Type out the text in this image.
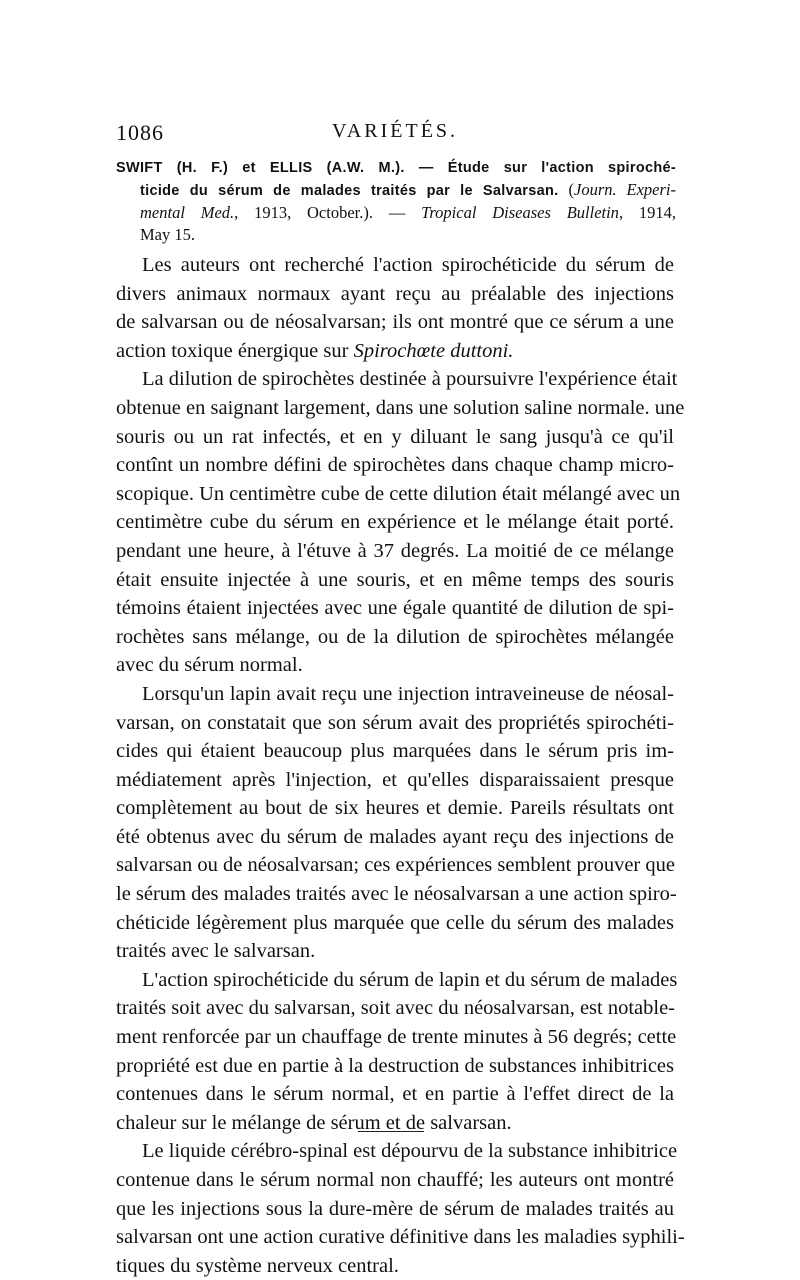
1086	VARIÉTÉS.
SWIFT (H. F.) et ELLIS (A.W. M.). — Étude sur l'action spiroché-
ticide du sérum de malades traités par le Salvarsan. (Journ. Experi-
mental Med., 1913, October.). — Tropical Diseases Bulletin, 1914,
May 15.
Les auteurs ont recherché l'action spirochéticide du sérum de
divers animaux normaux ayant reçu au préalable des injections
de salvarsan ou de néosalvarsan; ils ont montré que ce sérum a une
action toxique énergique sur Spirochœte duttoni.
La dilution de spirochètes destinée à poursuivre l'expérience était
obtenue en saignant largement, dans une solution saline normale. une
souris ou un rat infectés, et en y diluant le sang jusqu'à ce qu'il
contînt un nombre défini de spirochètes dans chaque champ micro-
scopique. Un centimètre cube de cette dilution était mélangé avec un
centimètre cube du sérum en expérience et le mélange était porté.
pendant une heure, à l'étuve à 37 degrés. La moitié de ce mélange
était ensuite injectée à une souris, et en même temps des souris
témoins étaient injectées avec une égale quantité de dilution de spi-
rochètes sans mélange, ou de la dilution de spirochètes mélangée
avec du sérum normal.
Lorsqu'un lapin avait reçu une injection intraveineuse de néosal-
varsan, on constatait que son sérum avait des propriétés spirochéti-
cides qui étaient beaucoup plus marquées dans le sérum pris im-
médiatement après l'injection, et qu'elles disparaissaient presque
complètement au bout de six heures et demie. Pareils résultats ont
été obtenus avec du sérum de malades ayant reçu des injections de
salvarsan ou de néosalvarsan; ces expériences semblent prouver que
le sérum des malades traités avec le néosalvarsan a une action spiro-
chéticide légèrement plus marquée que celle du sérum des malades
traités avec le salvarsan.
L'action spirochéticide du sérum de lapin et du sérum de malades
traités soit avec du salvarsan, soit avec du néosalvarsan, est notable-
ment renforcée par un chauffage de trente minutes à 56 degrés; cette
propriété est due en partie à la destruction de substances inhibitrices
contenues dans le sérum normal, et en partie à l'effet direct de la
chaleur sur le mélange de sérum et de salvarsan.
Le liquide cérébro-spinal est dépourvu de la substance inhibitrice
contenue dans le sérum normal non chauffé; les auteurs ont montré
que les injections sous la dure-mère de sérum de malades traités au
salvarsan ont une action curative définitive dans les maladies syphili-
tiques du système nerveux central.
